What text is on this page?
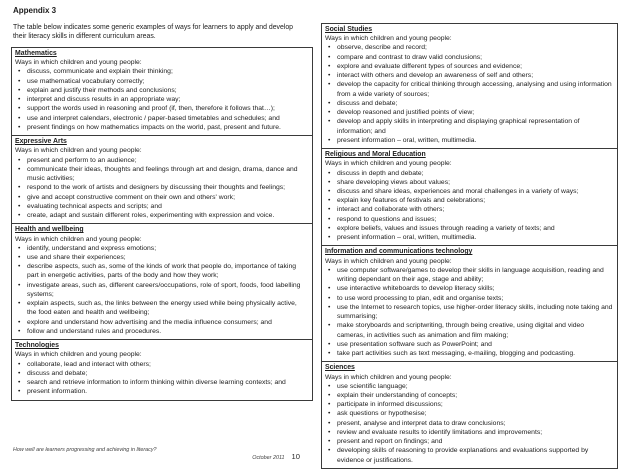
Appendix 3

The table below indicates some generic examples of ways for learners to apply and develop their literacy skills in different curriculum areas.

Mathematics

Ways in which children and young people:

• discuss, communicate and explain their thinking;
• use mathematical vocabulary correctly;
• explain and justify their methods and conclusions;
• interpret and discuss results in an appropriate way;
• support the words used in reasoning and proof (if, then, therefore it follows that…);
• use and interpret calendars, electronic / paper-based timetables and schedules; and
• present findings on how mathematics impacts on the world, past, present and future.
Expressive Arts

Ways in which children and young people:

• present and perform to an audience;
• communicate their ideas, thoughts and feelings through art and design, drama, dance and music activities;
• respond to the work of artists and designers by discussing their thoughts and feelings;
• give and accept constructive comment on their own and others' work;
• evaluating technical aspects and scripts; and
• create, adapt and sustain different roles, experimenting with expression and voice.
Health and wellbeing

Ways in which children and young people:

• identify, understand and express emotions;
• use and share their experiences;
• describe aspects, such as, some of the kinds of work that people do, importance of taking part in energetic activities, parts of the body and how they work;
• investigate areas, such as, different careers/occupations, role of sport, foods, food labelling systems;
• explain aspects, such as, the links between the energy used while being physically active, the food eaten and health and wellbeing;
• explore and understand how advertising and the media influence consumers; and
• follow and understand rules and procedures.
Technologies

Ways in which children and young people:

• collaborate, lead and interact with others;
• discuss and debate;
• search and retrieve information to inform thinking within diverse learning contexts; and
• present information.
Social Studies

Ways in which children and young people:

• observe, describe and record;
• compare and contrast to draw valid conclusions;
• explore and evaluate different types of sources and evidence;
• interact with others and develop an awareness of self and others;
• develop the capacity for critical thinking through accessing, analysing and using information from a wide variety of sources;
• discuss and debate;
• develop reasoned and justified points of view;
• develop and apply skills in interpreting and displaying graphical representation of information; and
• present information – oral, written, multimedia.
Religious and Moral Education

Ways in which children and young people:

• discuss in depth and debate;
• share developing views about values;
• discuss and share ideas, experiences and moral challenges in a variety of ways;
• explain key features of festivals and celebrations;
• interact and collaborate with others;
• respond to questions and issues;
• explore beliefs, values and issues through reading a variety of texts; and
• present information – oral, written, multimedia.
Information and communications technology

Ways in which children and young people:

• use computer software/games to develop their skills in language acquisition, reading and writing dependant on their age, stage and ability;
• use interactive whiteboards to develop literacy skills;
• to use word processing to plan, edit and organise texts;
• use the Internet to research topics, use higher-order literacy skills, including note taking and summarising;
• make storyboards and scriptwriting, through being creative, using digital and video cameras, in activities such as animation and film making;
• use presentation software such as PowerPoint; and
• take part activities such as text messaging, e-mailing, blogging and podcasting.
Sciences

Ways in which children and young people:

• use scientific language;
• explain their understanding of concepts;
• participate in informed discussions;
• ask questions or hypothesise;
• present, analyse and interpret data to draw conclusions;
• review and evaluate results to identify limitations and improvements;
• present and report on findings; and
• developing skills of reasoning to provide explanations and evaluations supported by evidence or justifications.
How well are learners progressing and achieving in literacy?
October 2011 10
